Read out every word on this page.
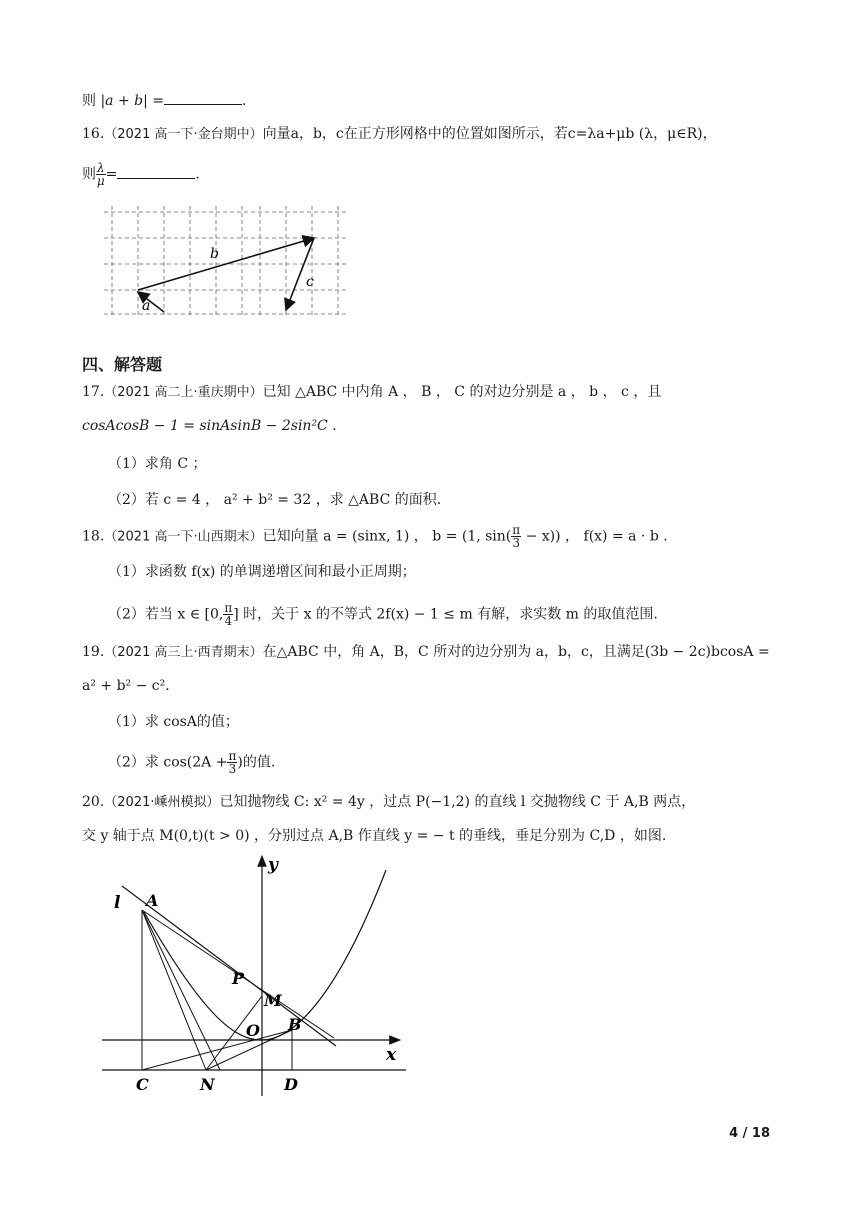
则 |a + b| =	.
16.（2021 高一下·金台期中）向量a，b，c在正方形网格中的位置如图所示，若c=λa+μb (λ，μ∈R)，
则 $\frac{\lambda}{\mu}$ =	.
b
a
c
四、解答题
17.（2021 高二上·重庆期中）已知 △ABC 中内角 A ， B ， C 的对边分别是 a ， b ， c ，且
cosAcosB − 1 = sinAsinB − 2sin²C .
（1）求角 C ；
（2）若 c = 4 ， a² + b² = 32 ，求 △ABC 的面积.
18.（2021 高一下·山西期末）已知向量 a = (sinx, 1) ， b = (1, $\sin( \frac{\pi}{3} - x)$) ， f(x) = a · b .
（1）求函数 f(x) 的单调递增区间和最小正周期；
（2）若当 x ∈ [0, $\frac{\pi}{4}$ ] 时，关于 x 的不等式 2f(x) − 1 ≤ m 有解，求实数 m 的取值范围.
19.（2021 高三上·西青期末）在△ABC 中，角 A，B，C 所对的边分别为 a，b，c，且满足(3b − 2c)bcosA =
a² + b² − c².
（1）求 cosA的值；
（2）求 $\cos(2A + \frac{\pi}{3}$ )的值.
20.（2021·嵊州模拟）已知抛物线 C: x² = 4y ，过点 P(−1,2) 的直线 l 交抛物线 C 于 A,B 两点，
交 y 轴于点 M(0,t)(t > 0) ，分别过点 A,B 作直线 y = − t 的垂线，垂足分别为 C,D ，如图.
l A
P
M
O B
x
y
C	N	D
4 / 18
